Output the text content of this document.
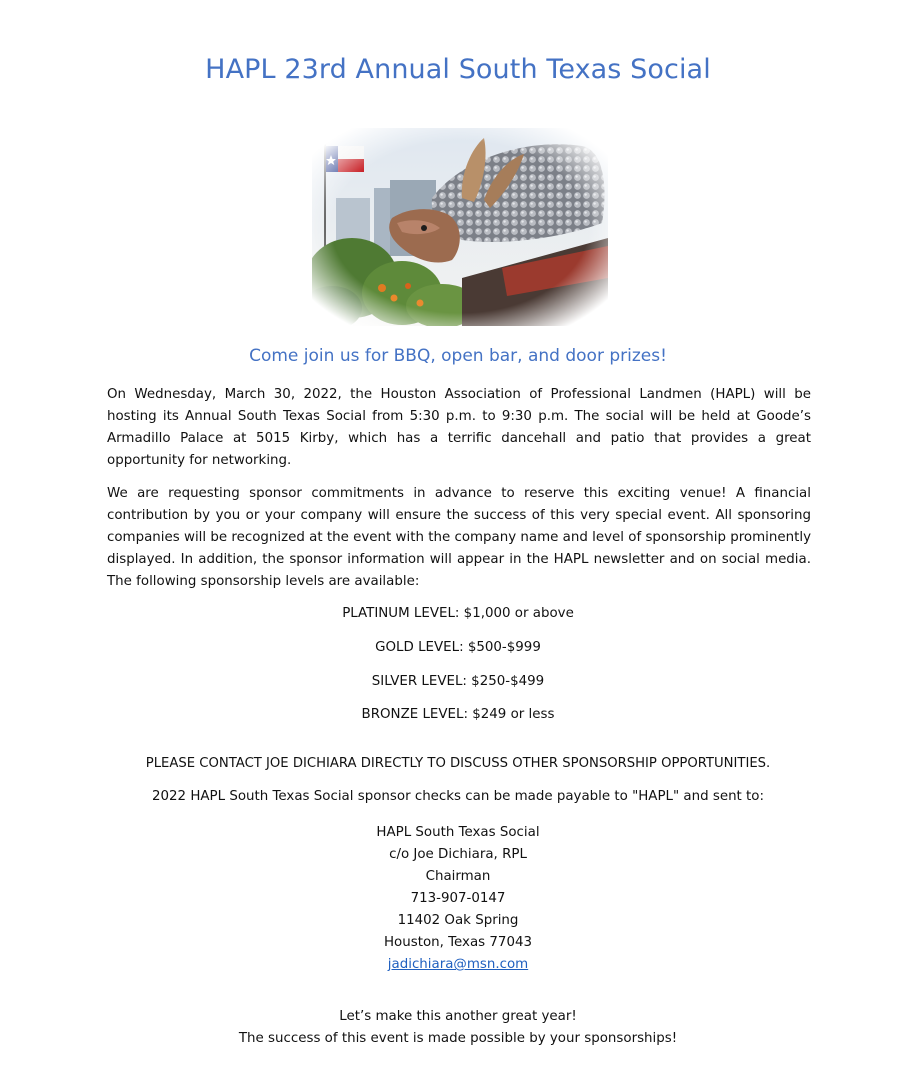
HAPL 23rd Annual South Texas Social
Come join us for BBQ, open bar, and door prizes!
On Wednesday, March 30, 2022, the Houston Association of Professional Landmen (HAPL) will be hosting its Annual South Texas Social from 5:30 p.m. to 9:30 p.m. The social will be held at Goode’s Armadillo Palace at 5015 Kirby, which has a terrific dancehall and patio that provides a great opportunity for networking.
We are requesting sponsor commitments in advance to reserve this exciting venue! A financial contribution by you or your company will ensure the success of this very special event. All sponsoring companies will be recognized at the event with the company name and level of sponsorship prominently displayed. In addition, the sponsor information will appear in the HAPL newsletter and on social media. The following sponsorship levels are available:
PLATINUM LEVEL: $1,000 or above
GOLD LEVEL: $500-$999
SILVER LEVEL: $250-$499
BRONZE LEVEL: $249 or less
PLEASE CONTACT JOE DICHIARA DIRECTLY TO DISCUSS OTHER SPONSORSHIP OPPORTUNITIES.
2022 HAPL South Texas Social sponsor checks can be made payable to "HAPL" and sent to:
HAPL South Texas Social
c/o Joe Dichiara, RPL
Chairman
713-907-0147
11402 Oak Spring
Houston, Texas 77043
jadichiara@msn.com
Let’s make this another great year!
The success of this event is made possible by your sponsorships!
